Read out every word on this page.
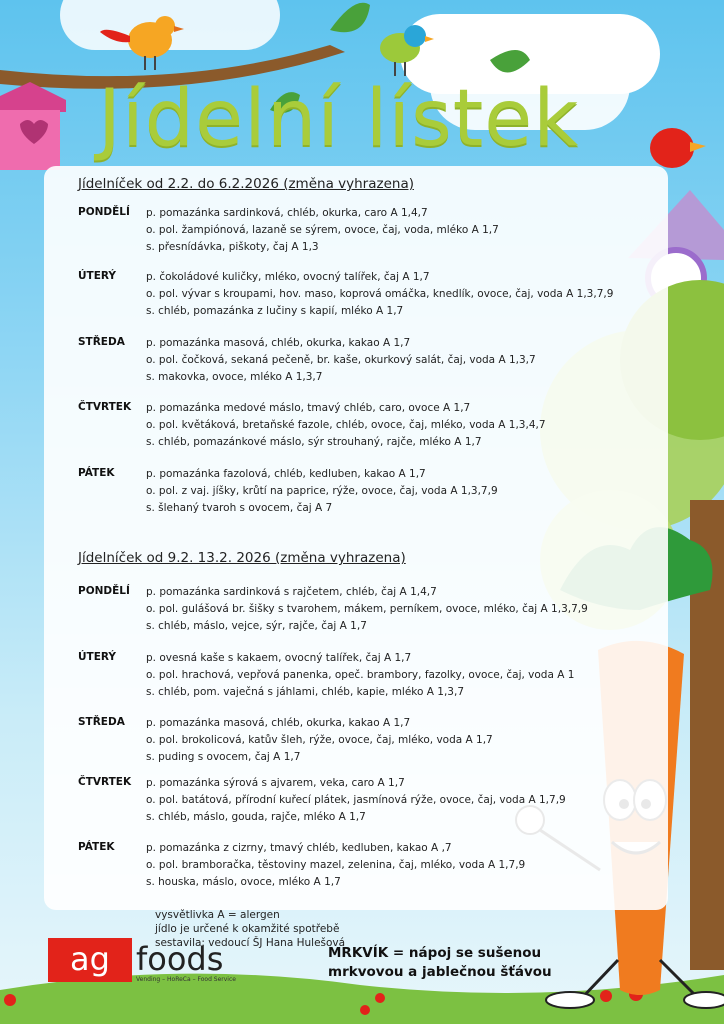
Jídelní lístek
Jídelníček od 2.2. do 6.2.2026 (změna vyhrazena)
PONDĚLÍ p. pomazánka sardinková, chléb, okurka, caro A 1,4,7
o. pol. žampiónová, lazaně se sýrem, ovoce, čaj, voda, mléko A 1,7
s. přesnídávka, piškoty, čaj A 1,3
ÚTERÝ	p. čokoládové kuličky, mléko, ovocný talířek, čaj A 1,7
o. pol. vývar s kroupami, hov. maso, koprová omáčka, knedlík, ovoce, čaj, voda A 1,3,7,9
s. chléb, pomazánka z lučiny s kapií, mléko A 1,7
STŘEDA p. pomazánka masová, chléb, okurka, kakao A 1,7
o. pol. čočková, sekaná pečeně, br. kaše, okurkový salát, čaj, voda A 1,3,7
s. makovka, ovoce, mléko A 1,3,7
ČTVRTEK p. pomazánka medové máslo, tmavý chléb, caro, ovoce A 1,7
o. pol. květáková, bretaňské fazole, chléb, ovoce, čaj, mléko, voda A 1,3,4,7
s. chléb, pomazánkové máslo, sýr strouhaný, rajče, mléko A 1,7
PÁTEK	p. pomazánka fazolová, chléb, kedluben, kakao A 1,7
o. pol. z vaj. jíšky, krůtí na paprice, rýže, ovoce, čaj, voda A 1,3,7,9
s. šlehaný tvaroh s ovocem, čaj A 7
Jídelníček od 9.2. 13.2. 2026 (změna vyhrazena)
PONDĚLÍ p. pomazánka sardinková s rajčetem, chléb, čaj A 1,4,7
o. pol. gulášová br. šišky s tvarohem, mákem, perníkem, ovoce, mléko, čaj A 1,3,7,9
s. chléb, máslo, vejce, sýr, rajče, čaj A 1,7
ÚTERÝ	p. ovesná kaše s kakaem, ovocný talířek, čaj A 1,7
o. pol. hrachová, vepřová panenka, opeč. brambory, fazolky, ovoce, čaj, voda A 1
s. chléb, pom. vaječná s jáhlami, chléb, kapie, mléko A 1,3,7
STŘEDA p. pomazánka masová, chléb, okurka, kakao A 1,7
o. pol. brokolicová, katův šleh, rýže, ovoce, čaj, mléko, voda A 1,7
s. puding s ovocem, čaj A 1,7
ČTVRTEK p. pomazánka sýrová s ajvarem, veka, caro A 1,7
o. pol. batátová, přírodní kuřecí plátek, jasmínová rýže, ovoce, čaj, voda A 1,7,9
s. chléb, máslo, gouda, rajče, mléko A 1,7
PÁTEK	p. pomazánka z cizrny, tmavý chléb, kedluben, kakao A ,7
o. pol. bramboračka, těstoviny mazel, zelenina, čaj, mléko, voda A 1,7,9
s. houska, máslo, ovoce, mléko A 1,7
vysvětlivka A = alergen
jídlo je určené k okamžité spotřebě
sestavila: vedoucí ŠJ Hana Hulešová
ag foods
Vending – HoReCa – Food Service
MRKVÍK = nápoj se sušenou
mrkvovou a jablečnou šťávou
